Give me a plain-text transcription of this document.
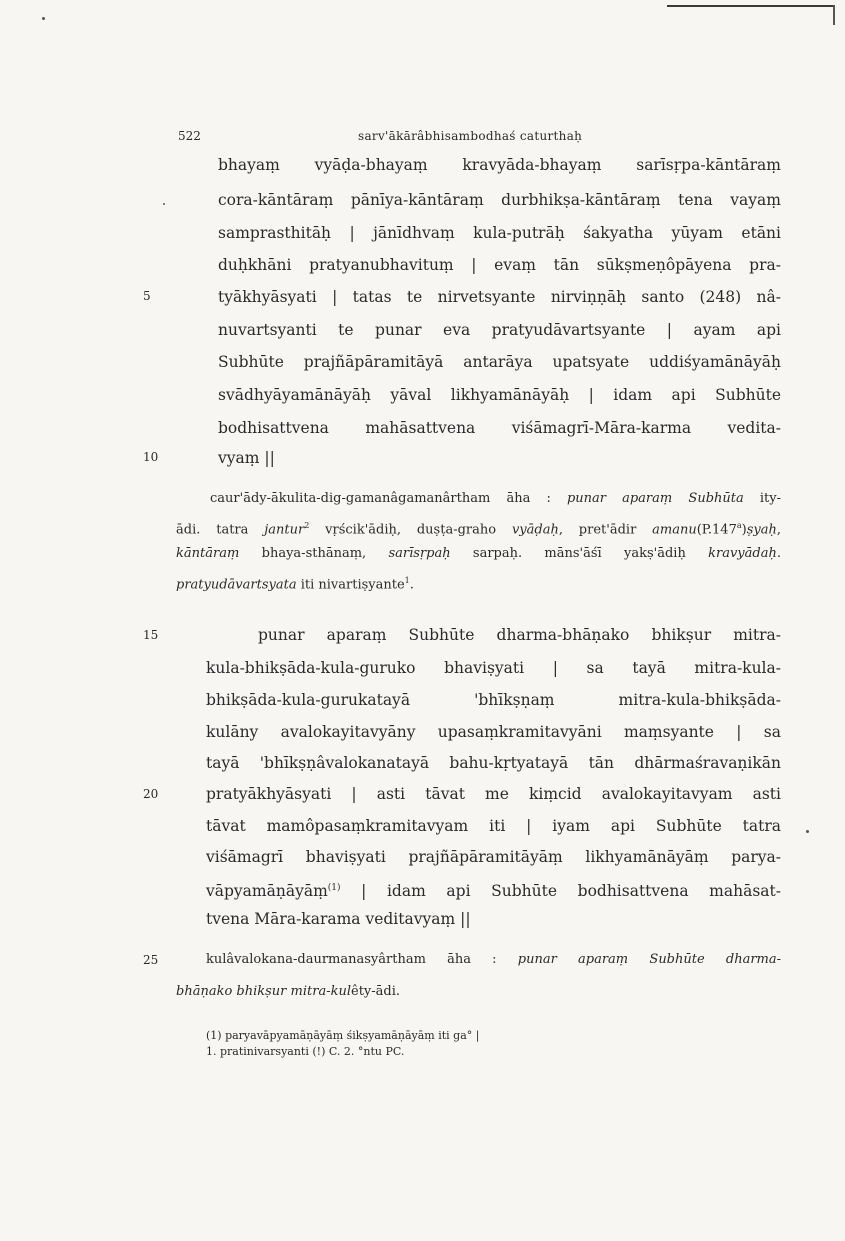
522	sarv'ākārâbhisambodhaś caturthaḥ
bhayaṃ vyāḍa-bhayaṃ kravyāda-bhayaṃ sarīsṛpa-kāntāraṃ
cora-kāntāraṃ pānīya-kāntāraṃ durbhikṣa-kāntāraṃ tena vayaṃ
samprasthitāḥ | jānīdhvaṃ kula-putrāḥ śakyatha yūyam etāni
duḥkhāni pratyanubhavituṃ | evaṃ tān sūkṣmeṇôpāyena pra-
5	tyākhyāsyati | tatas te nirvetsyante nirviṇṇāḥ santo (248) nâ-
nuvartsyanti te punar eva pratyudāvartsyante | ayam api
Subhūte prajñāpāramitāyā antarāya upatsyate uddiśyamānāyāḥ
svādhyāyamānāyāḥ yāval likhyamānāyāḥ | idam api Subhūte
bodhisattvena mahāsattvena viśāmagrī-Māra-karma vedita-
10	vyaṃ ||
caur'ādy-ākulita-dig-gamanâgamanârtham āha : punar aparaṃ Subhūta ity-
ādi. tatra jantur$^2$ vṛścik'ādiḥ, duṣṭa-graho vyāḍaḥ, pret'ādir amanu(P.147$^a$)ṣyaḥ,
kāntāraṃ bhaya-sthānaṃ, sarīsṛpaḥ sarpaḥ. māns'āśī yakṣ'ādiḥ kravyādaḥ.
pratyudāvartsyata iti nivartiṣyante$^1$.
15	punar aparaṃ Subhūte dharma-bhāṇako bhikṣur mitra-
kula-bhikṣāda-kula-guruko bhaviṣyati | sa tayā mitra-kula-
bhikṣāda-kula-gurukatayā 'bhīkṣṇaṃ mitra-kula-bhikṣāda-
kulāny avalokayitavyāny upasaṃkramitavyāni maṃsyante | sa
tayā 'bhīkṣṇâvalokanatayā bahu-kṛtyatayā tān dhārmaśravaṇikān
20	pratyākhyāsyati | asti tāvat me kiṃcid avalokayitavyam asti
tāvat mamôpasaṃkramitavyam iti | iyam api Subhūte tatra
viśāmagrī bhaviṣyati prajñāpāramitāyāṃ likhyamānāyāṃ parya-
vāpyamāṇāyāṃ$^{(1)}$ | idam api Subhūte bodhisattvena mahāsat-
tvena Māra-karama veditavyaṃ ||
25	kulâvalokana-daurmanasyârtham āha : punar aparaṃ Subhūte dharma-
bhāṇako bhikṣur mitra-kulêty-ādi.
(1) paryavāpyamāṇāyāṃ śikṣyamāṇāyāṃ iti ga° |
1. pratinivarsyanti (!) C. 2. °ntu PC.
